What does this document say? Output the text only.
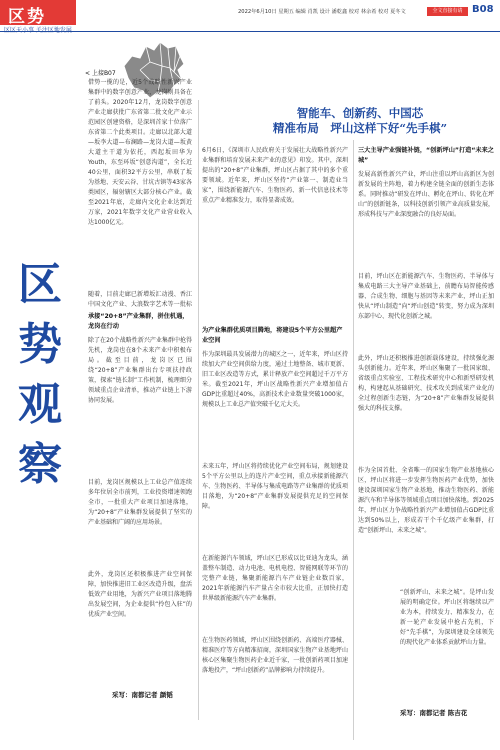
区势	2022年6月10日 星期五 编辑 肖凯 设计 潘乾鑫 校对 林余希 校对 夏冬文	全文直接有请 B08
< 上接B07
区势观察

借势一揽的是，近5个战略性新兴产业集群中的数字创意产业，龙岗则具备在了前头。2020年12月，龙岗数字创意产业走廊获批广东省第二批文化产业示范园区创建资格，是深圳首家十位落广东省第二个此类项目。走廊以北部大道—坂李大道—布澜路—龙岗大道—坂黄大道主干道为依托，西起坂田华为Youth，东至环坂“创意沟道”，全长近40公里，面积32平方公里，串联了坂为基地、天安云谷、甘坑古镇等43家各类园区，辐射辖区大部分核心产业。截至2021年底，走廊内文化企业达到近万家，2021年数字文化产业营业收入达1000亿元。

随着，目前走廊已新增坂汇动漫、香江中国文化产业、大浪数字艺术等一批标

承接“20+8”产业集群，拼住机遇，龙岗在行动

除了在20个战略性新兴产业集群中抢得先机，龙岗也在8个未来产业中积极布局。截至目前，龙岗区已围绕“20+8”产业集群出台专项扶持政策，探索“链长制”工作机制，梳理细分领域重点企业清单，推动产业链上下游协同发展。

目前，龙岗区规模以上工业总产值连续多年位居全市前列，工业投资增速领跑全市，一批重大产业项目加速落地，为“20+8”产业集群发展提供了坚实的产业基础和广阔的应用场景。

此外，龙岗区还积极推进产业空间保障，加快推进旧工业区改造升级，盘活低效产业用地，为新兴产业项目落地腾出发展空间，为企业提供“拎包入驻”的优质产业空间。

采写：南都记者 颜韬
智能车、创新药、中国芯
精准布局　坪山这样下好“先手棋”

6月6日，《深圳市人民政府关于发展壮大战略性新兴产业集群和培育发展未来产业的意见》印发。其中，深圳提出的“20+8”产业集群，坪山区占据了其中的多个重要领域。近年来，坪山区坚持“产业第一、制造业当家”，围绕新能源汽车、生物医药、新一代信息技术等重点产业精准发力，取得显著成效。

为产业集群优质项目腾地，将建设5个平方公里超产业空间

作为深圳最具发展潜力的城区之一，近年来，坪山区持续加大产业空间供给力度，通过土地整备、城市更新、旧工业区改造等方式，累计释放产业空间超过千万平方米。截至2021年，坪山区战略性新兴产业增加值占GDP比重超过40%，高新技术企业数量突破1000家，规模以上工业总产值突破千亿元大关。

未来五年，坪山区将持续优化产业空间布局，规划建设5个平方公里以上的连片产业空间，重点承接新能源汽车、生物医药、半导体与集成电路等产业集群的优质项目落地，为“20+8”产业集群发展提供充足的空间保障。

在新能源汽车领域，坪山区已形成以比亚迪为龙头，涵盖整车制造、动力电池、电机电控、智能网联等环节的完整产业链，集聚新能源汽车产业链企业数百家，2021年新能源汽车产量占全市较大比重，正加快打造世界级新能源汽车产业集群。

在生物医药领域，坪山区围绕创新药、高端医疗器械、精准医疗等方向精准招商，深圳国家生物产业基地坪山核心区集聚生物医药企业近千家，一批创新药项目加速落地投产，“坪山创新药”品牌影响力持续提升。

三大主导产业强链补链，“创新坪山”打造“未来之城”

发展高新性新兴产业，坪山注重以坪山高新区为创新发展的主阵地，着力构建全链全面的创新生态体系。同时推动“研发在坪山、孵化在坪山、转化在坪山”的创新链条，以科技创新引领产业高质量发展，形成科技与产业深度融合的良好局面。

目前，坪山区在新能源汽车、生物医药、半导体与集成电路三大主导产业基础上，前瞻布局智能传感器、合成生物、细胞与基因等未来产业，坪山正加快从“坪山制造”向“坪山创造”转变，努力成为深圳东部中心、现代化创新之城。

此外，坪山还积极推进创新载体建设，持续强化源头创新能力。近年来，坪山区集聚了一批国家级、省级重点实验室、工程技术研究中心和新型研发机构，构建起从基础研究、技术攻关到成果产业化的全过程创新生态链，为“20+8”产业集群发展提供强大的科技支撑。

作为全国首批、全省唯一的国家生物产业基地核心区，坪山区将进一步发挥生物医药产业优势，加快建设深圳国家生物产业基地，推动生物医药、新能源汽车和半导体等领域重点项目加快落地。到2025年，坪山区力争战略性新兴产业增加值占GDP比重达到50%以上，形成若干个千亿级产业集群，打造“创新坪山、未来之城”。

“创新坪山、未来之城”。是坪山发展的明确定位。坪山区将继续以产业为本，持续发力、精准发力，在新一轮产业发展中抢占先机，下好“先手棋”，为深圳建设全球领先的现代化产业体系贡献坪山力量。

采写：南都记者 陈吉花
